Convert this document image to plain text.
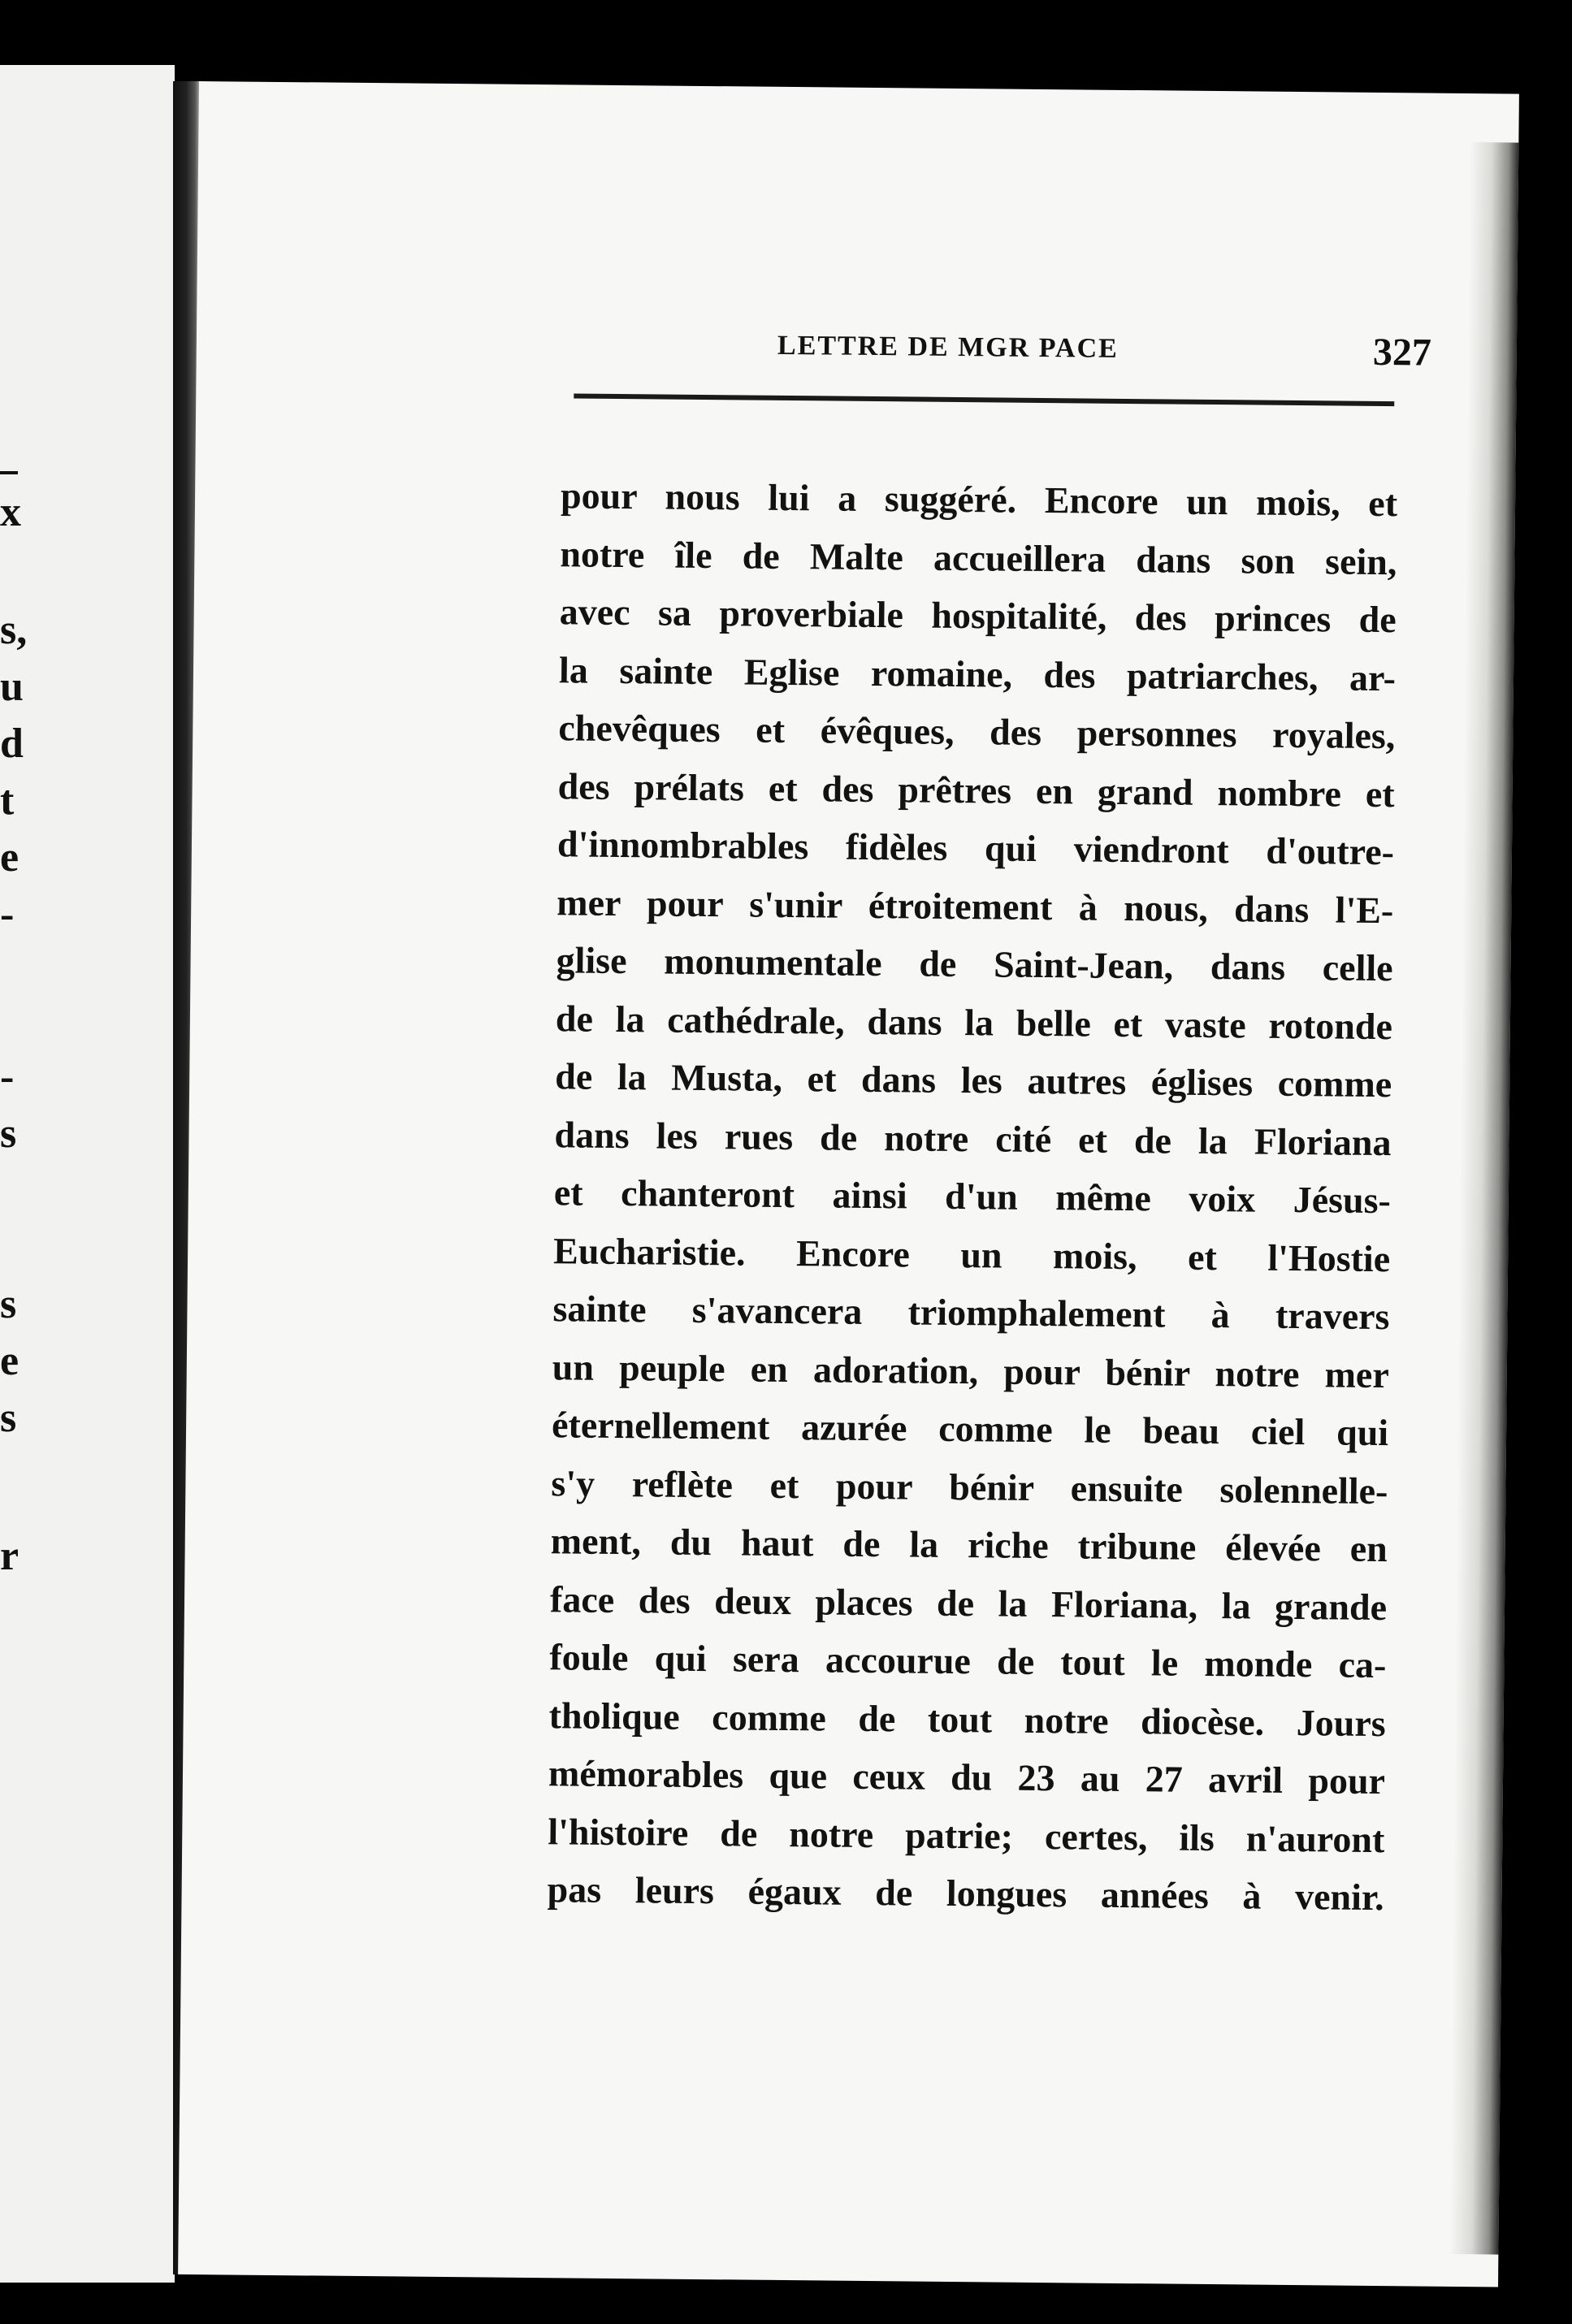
x
s,
u
d
t
e
-
-
s
s
e
s
r
LETTRE DE MGR PACE	327
pour nous lui a suggéré. Encore un mois, et
notre île de Malte accueillera dans son sein,
avec sa proverbiale hospitalité, des princes de
la sainte Eglise romaine, des patriarches, ar-
chevêques et évêques, des personnes royales,
des prélats et des prêtres en grand nombre et
d'innombrables fidèles qui viendront d'outre-
mer pour s'unir étroitement à nous, dans l'E-
glise monumentale de Saint-Jean, dans celle
de la cathédrale, dans la belle et vaste rotonde
de la Musta, et dans les autres églises comme
dans les rues de notre cité et de la Floriana
et chanteront ainsi d'un même voix Jésus-
Eucharistie. Encore un mois, et l'Hostie
sainte s'avancera triomphalement à travers
un peuple en adoration, pour bénir notre mer
éternellement azurée comme le beau ciel qui
s'y reflète et pour bénir ensuite solennelle-
ment, du haut de la riche tribune élevée en
face des deux places de la Floriana, la grande
foule qui sera accourue de tout le monde ca-
tholique comme de tout notre diocèse. Jours
mémorables que ceux du 23 au 27 avril pour
l'histoire de notre patrie; certes, ils n'auront
pas leurs égaux de longues années à venir.
